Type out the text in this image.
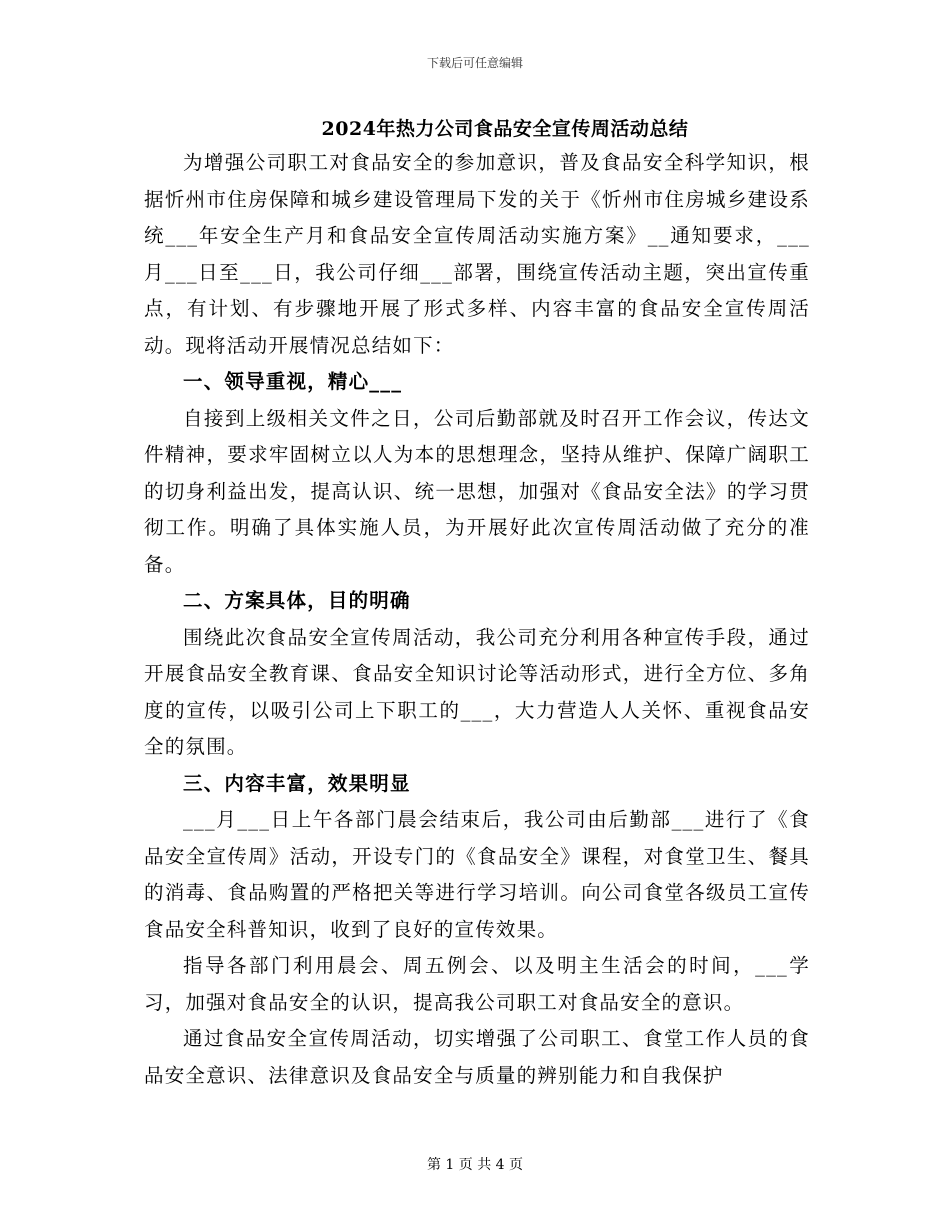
下载后可任意编辑
2024年热力公司食品安全宣传周活动总结

为增强公司职工对食品安全的参加意识，普及食品安全科学知识，根据忻州市住房保障和城乡建设管理局下发的关于《忻州市住房城乡建设系统___年安全生产月和食品安全宣传周活动实施方案》__通知要求，___月___日至___日，我公司仔细___部署，围绕宣传活动主题，突出宣传重点，有计划、有步骤地开展了形式多样、内容丰富的食品安全宣传周活动。现将活动开展情况总结如下：

一、领导重视，精心___

自接到上级相关文件之日，公司后勤部就及时召开工作会议，传达文件精神，要求牢固树立以人为本的思想理念，坚持从维护、保障广阔职工的切身利益出发，提高认识、统一思想，加强对《食品安全法》的学习贯彻工作。明确了具体实施人员，为开展好此次宣传周活动做了充分的准备。

二、方案具体，目的明确

围绕此次食品安全宣传周活动，我公司充分利用各种宣传手段，通过开展食品安全教育课、食品安全知识讨论等活动形式，进行全方位、多角度的宣传，以吸引公司上下职工的___，大力营造人人关怀、重视食品安全的氛围。

三、内容丰富，效果明显

___月___日上午各部门晨会结束后，我公司由后勤部___进行了《食品安全宣传周》活动，开设专门的《食品安全》课程，对食堂卫生、餐具的消毒、食品购置的严格把关等进行学习培训。向公司食堂各级员工宣传食品安全科普知识，收到了良好的宣传效果。

指导各部门利用晨会、周五例会、以及明主生活会的时间，___学习，加强对食品安全的认识，提高我公司职工对食品安全的意识。

通过食品安全宣传周活动，切实增强了公司职工、食堂工作人员的食品安全意识、法律意识及食品安全与质量的辨别能力和自我保护

第 1 页 共 4 页
